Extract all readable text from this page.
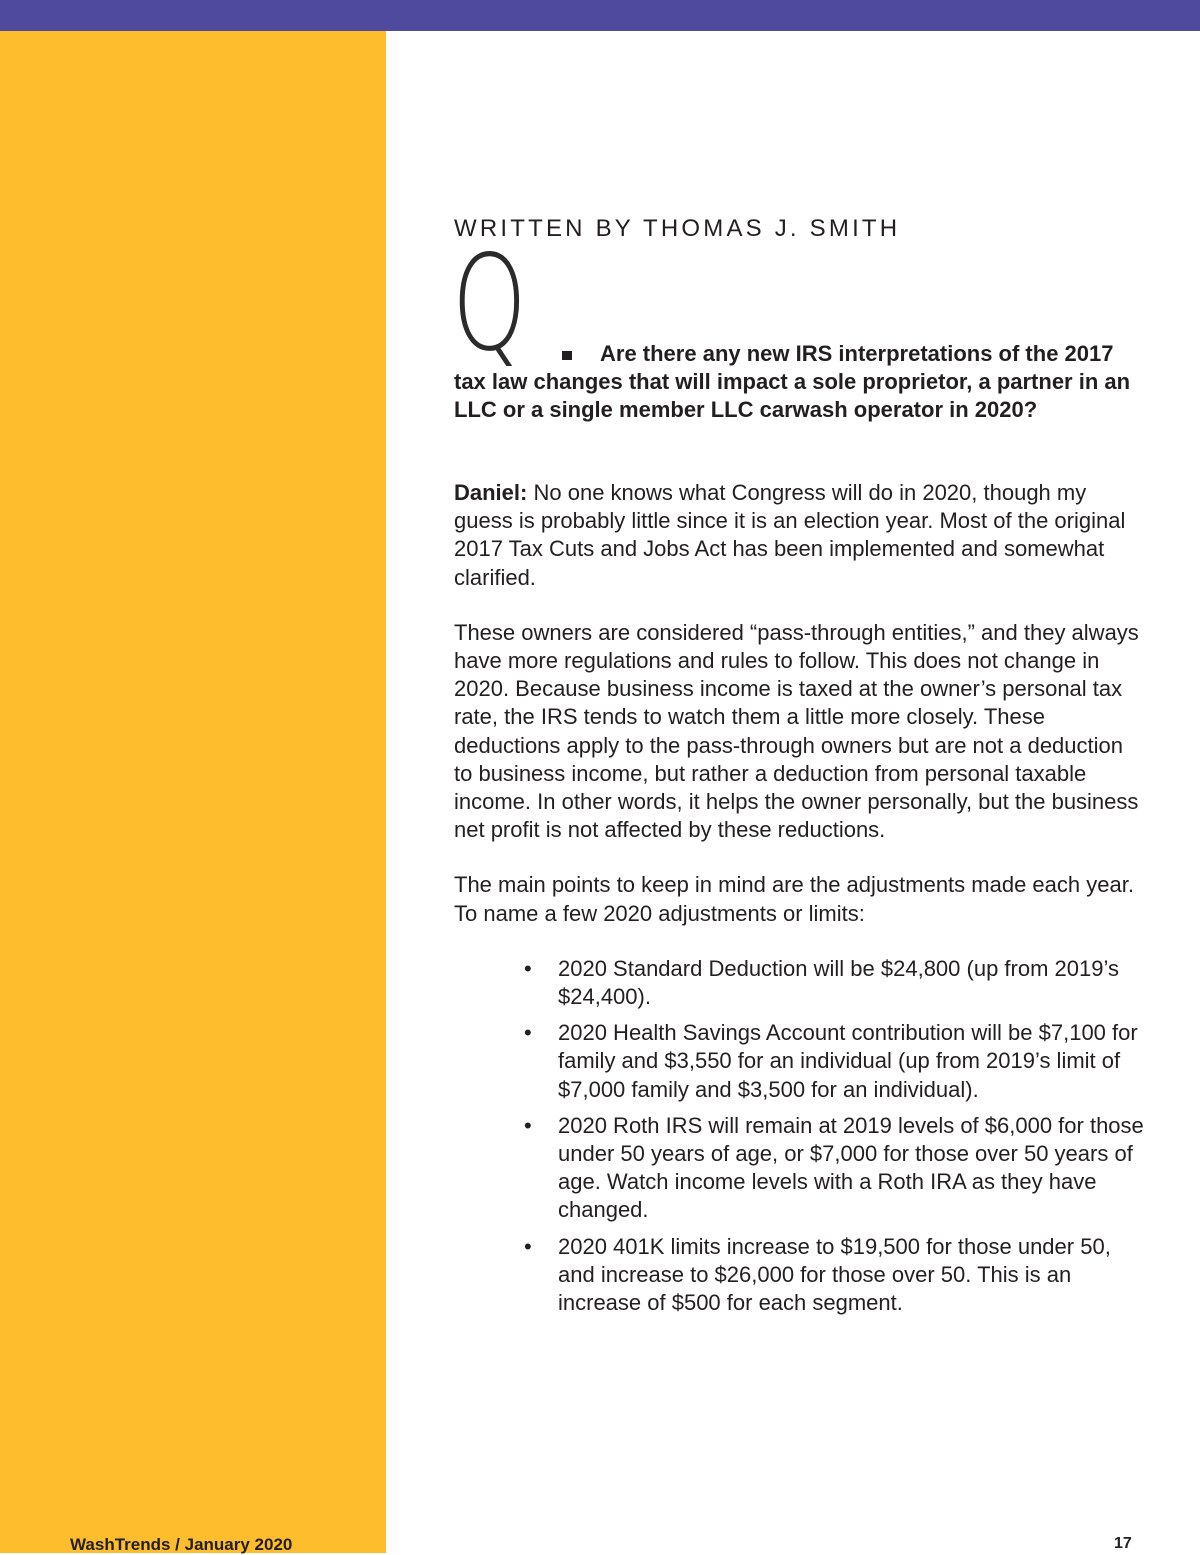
WRITTEN BY THOMAS J. SMITH
Q	Are there any new IRS interpretations of the 2017 tax law changes that will impact a sole proprietor, a partner in an LLC or a single member LLC carwash operator in 2020?

Daniel: No one knows what Congress will do in 2020, though my guess is probably little since it is an election year. Most of the original 2017 Tax Cuts and Jobs Act has been implemented and somewhat clarified.

These owners are considered “pass-through entities,” and they always have more regulations and rules to follow. This does not change in 2020. Because business income is taxed at the owner’s personal tax rate, the IRS tends to watch them a little more closely. These deductions apply to the pass-through owners but are not a deduction to business income, but rather a deduction from personal taxable income. In other words, it helps the owner personally, but the business net profit is not affected by these reductions.

The main points to keep in mind are the adjustments made each year. To name a few 2020 adjustments or limits:

• 2020 Standard Deduction will be $24,800 (up from 2019’s $24,400).
• 2020 Health Savings Account contribution will be $7,100 for family and $3,550 for an individual (up from 2019’s limit of $7,000 family and $3,500 for an individual).
• 2020 Roth IRS will remain at 2019 levels of $6,000 for those under 50 years of age, or $7,000 for those over 50 years of age. Watch income levels with a Roth IRA as they have changed.
• 2020 401K limits increase to $19,500 for those under 50, and increase to $26,000 for those over 50. This is an increase of $500 for each segment.
WashTrends / January 2020	17
